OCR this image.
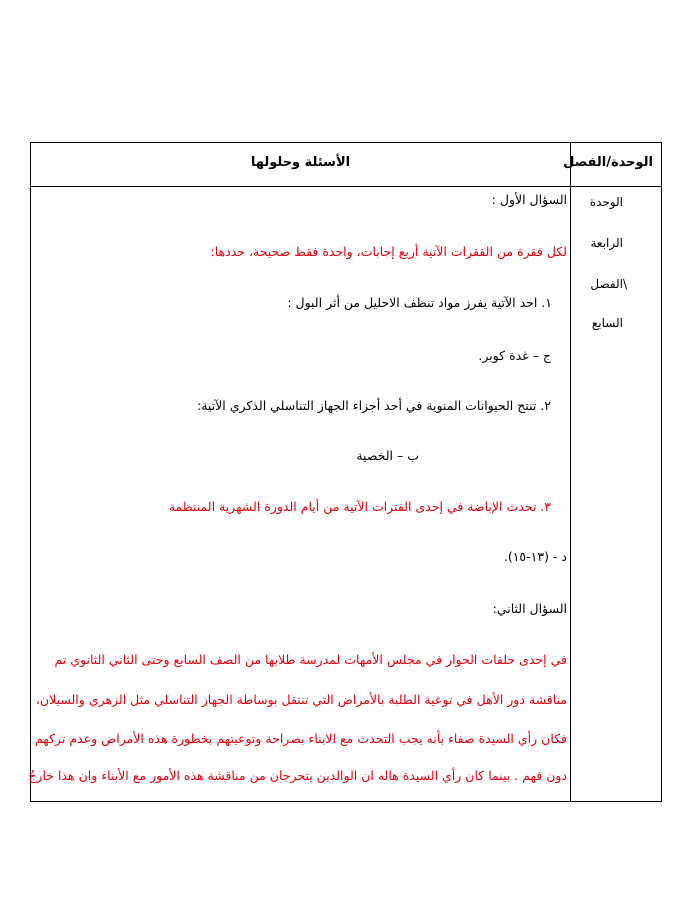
الوحدة/الفصل
الأسئلة وحلولها
الوحدة
الرابعة
\الفصل
السابع
السؤال الأول :
لكل فقرة من الفقرات الآتية أربع إجابات، واحدة فقط صحيحة، حددها:
١. احد الآتية يفرز مواد تنظف الاحليل من أثر البول :
ج – غدة كوبر.
٢. تنتج الحيوانات المنوية في أحد أجزاء الجهاز التناسلي الذكري الآتية:
ب – الخصية
٣. تحدث الإباضة في إحدى الفترات الآتية من أيام الدورة الشهرية المنتظمة
د - (١٣-١٥).
السؤال الثاني:
في إحدى حلقات الحوار في مجلس الأمهات لمدرسة طلابها من الصف السابع وحتى الثاني الثانوي تم
مناقشة دور الأهل في توعية الطلبة بالأمراض التي تنتقل بوساطة الجهاز التناسلي مثل الزهري والسيلان،
فكان رأي السيدة صفاء بأنه يجب التحدث مع الابناء بصراحة وتوعيتهم بخطورة هذه الأمراض وعدم تركهم
دون فهم . بينما كان رأي السيدة هاله ان الوالدين يتحرجان من مناقشة هذه الأمور مع الأبناء وان هذا خارجٌ
